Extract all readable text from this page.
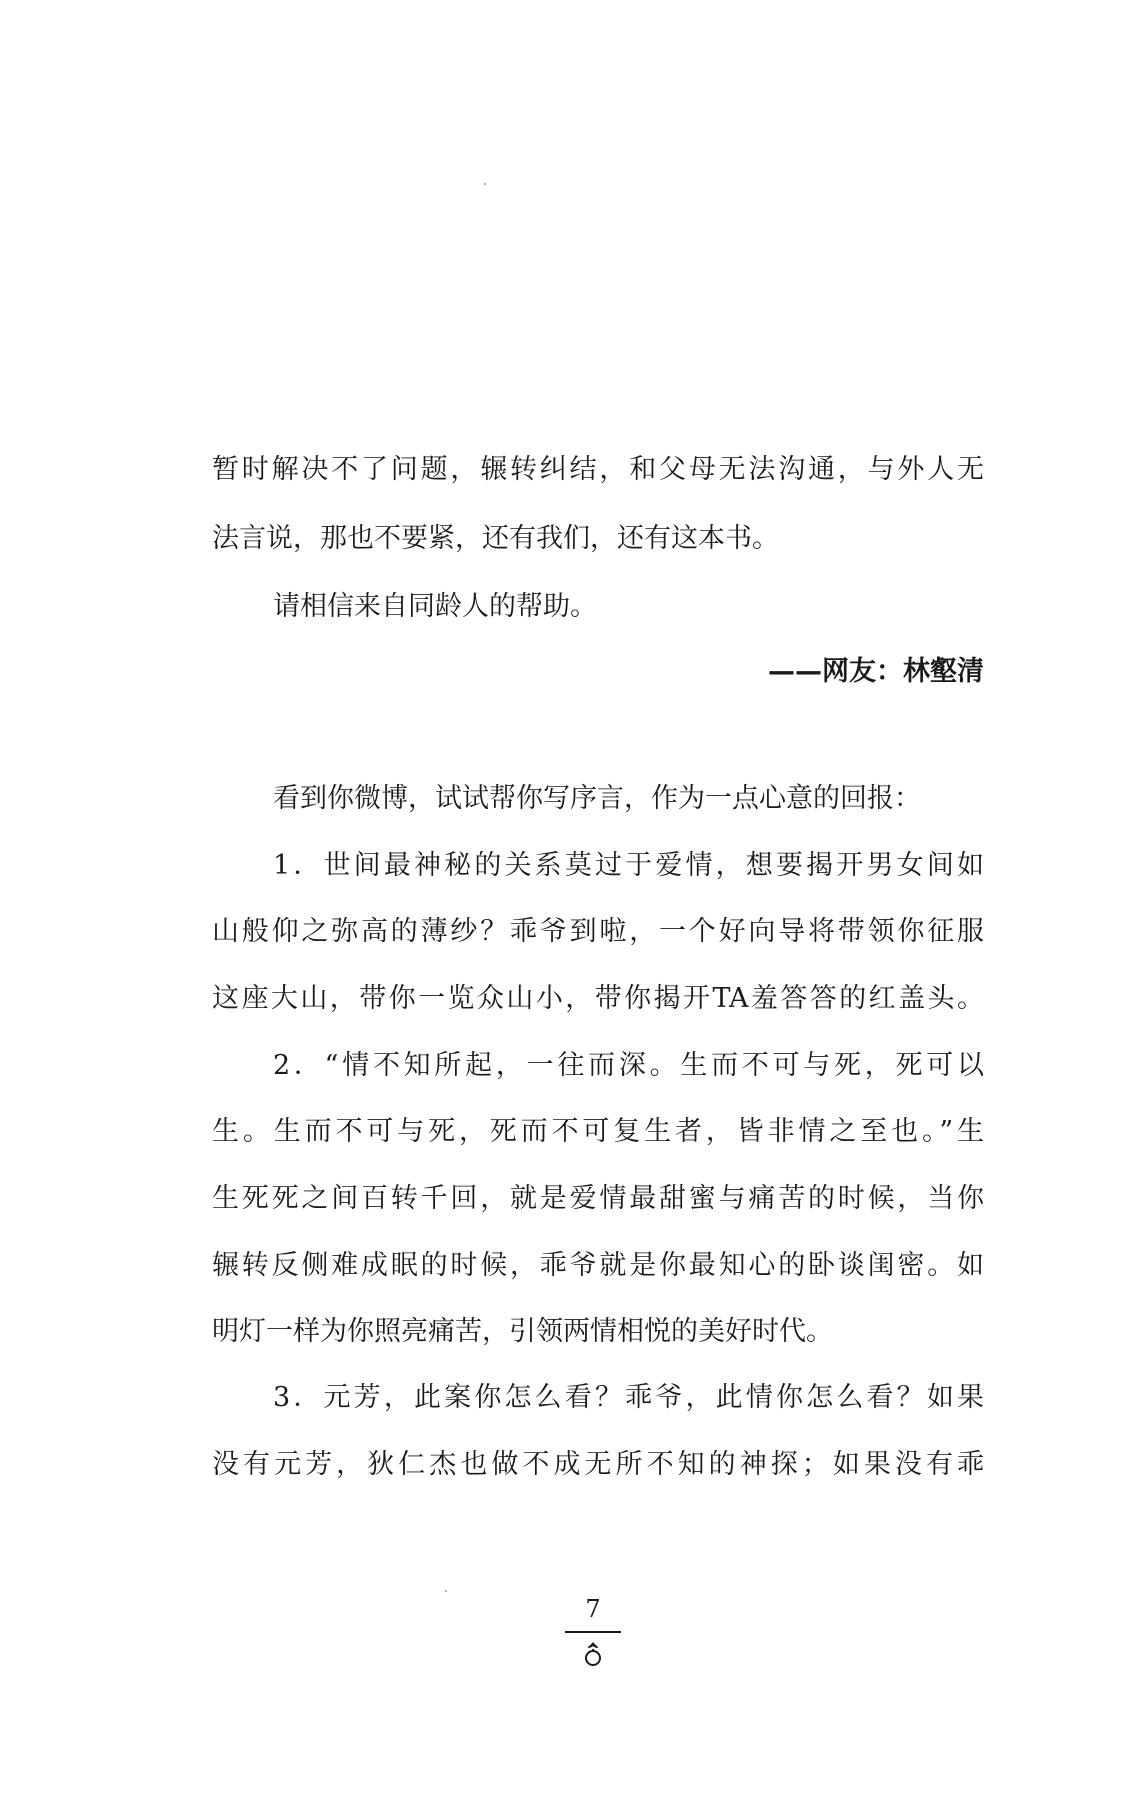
暂时解决不了问题，辗转纠结，和父母无法沟通，与外人无
法言说，那也不要紧，还有我们，还有这本书。
请相信来自同龄人的帮助。
——网友：林壑清
看到你微博，试试帮你写序言，作为一点心意的回报：
1．世间最神秘的关系莫过于爱情，想要揭开男女间如
山般仰之弥高的薄纱？乖爷到啦，一个好向导将带领你征服
这座大山，带你一览众山小，带你揭开TA羞答答的红盖头。
2．“情不知所起，一往而深。生而不可与死，死可以
生。生而不可与死，死而不可复生者，皆非情之至也。”生
生死死之间百转千回，就是爱情最甜蜜与痛苦的时候，当你
辗转反侧难成眠的时候，乖爷就是你最知心的卧谈闺密。如
明灯一样为你照亮痛苦，引领两情相悦的美好时代。
3．元芳，此案你怎么看？乖爷，此情你怎么看？如果
没有元芳，狄仁杰也做不成无所不知的神探；如果没有乖
7
